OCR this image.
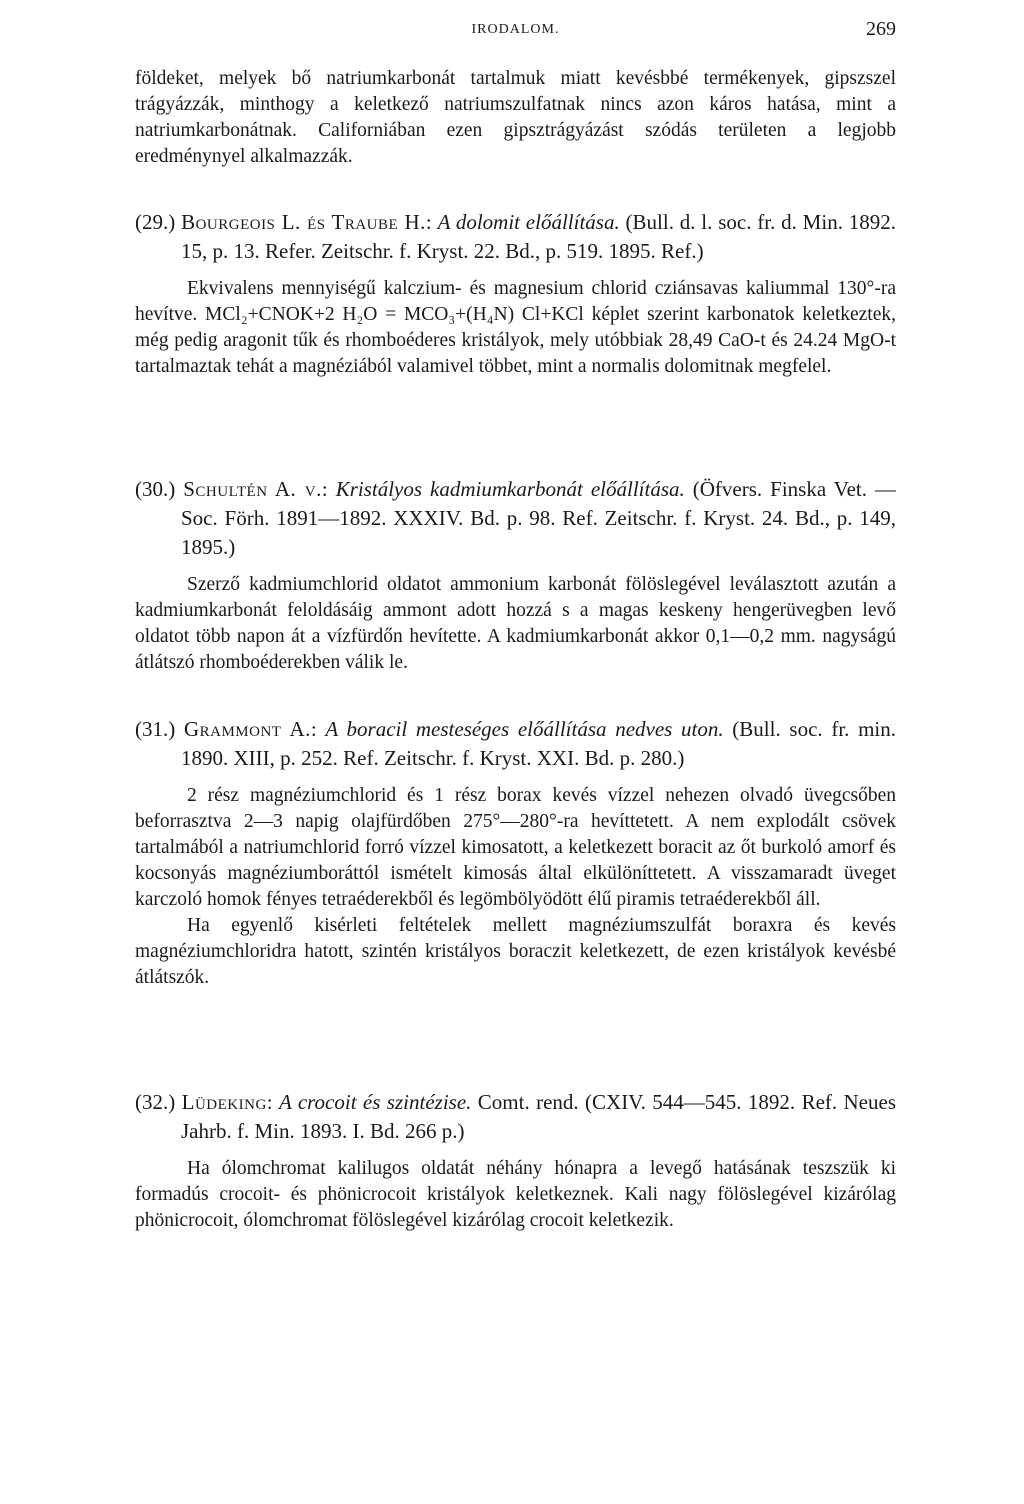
IRODALOM.	269

földeket, melyek bő natriumkarbonát tartalmuk miatt kevésbbé termékenyek, gipszszel trágyázzák, minthogy a keletkező natriumszulfatnak nincs azon káros hatása, mint a natriumkarbonátnak. Californiában ezen gipsztrágyázást szódás területen a legjobb eredménynyel alkalmazzák.

(29.) Bourgeois L. és Traube H.: A dolomit előállítása. (Bull. d. l. soc. fr. d. Min. 1892. 15, p. 13. Refer. Zeitschr. f. Kryst. 22. Bd., p. 519. 1895. Ref.)

Ekvivalens mennyiségű kalczium- és magnesium chlorid cziánsavas kaliummal 130°-ra hevítve. MCl₂+CNOK+2 H₂O = MCO₃+(H₄N) Cl+KCl képlet szerint karbonatok keletkeztek, még pedig aragonit tűk és rhomboéderes kristályok, mely utóbbiak 28,49 CaO-t és 24.24 MgO-t tartalmaztak tehát a magnéziából valamivel többet, mint a normalis dolomitnak megfelel.

(30.) Schultén A. v.: Kristályos kadmiumkarbonát előállítása. (Öfvers. Finska Vet. — Soc. Förh. 1891—1892. XXXIV. Bd. p. 98. Ref. Zeitschr. f. Kryst. 24. Bd., p. 149, 1895.)

Szerző kadmiumchlorid oldatot ammonium karbonát fölöslegével leválasztott azután a kadmiumkarbonát feloldásáig ammont adott hozzá s a magas keskeny hengerüvegben levő oldatot több napon át a vízfürdőn hevítette. A kadmiumkarbonát akkor 0,1—0,2 mm. nagyságú átlátszó rhomboéderekben válik le.

(31.) Grammont A.: A boracil mesteséges előállítása nedves uton. (Bull. soc. fr. min. 1890. XIII, p. 252. Ref. Zeitschr. f. Kryst. XXI. Bd. p. 280.)

2 rész magnéziumchlorid és 1 rész borax kevés vízzel nehezen olvadó üvegcsőben beforrasztva 2—3 napig olajfürdőben 275°—280°-ra hevíttetett. A nem explodált csövek tartalmából a natriumchlorid forró vízzel kimosatott, a keletkezett boracit az őt burkoló amorf és kocsonyás magnéziumboráttól ismételt kimosás által elkülöníttetett. A visszamaradt üveget karczoló homok fényes tetraéderekből és legömbölyödött élű piramis tetraéderekből áll.

Ha egyenlő kisérleti feltételek mellett magnéziumszulfát boraxra és kevés magnéziumchloridra hatott, szintén kristályos boraczit keletkezett, de ezen kristályok kevésbé átlátszók.

(32.) Lüdeking: A crocoit és szintézise. Comt. rend. (CXIV. 544—545. 1892. Ref. Neues Jahrb. f. Min. 1893. I. Bd. 266 p.)

Ha ólomchromat kalilugos oldatát néhány hónapra a levegő hatásának teszszük ki formadús crocoit- és phönicrocoit kristályok keletkeznek. Kali nagy fölöslegével kizárólag phönicrocoit, ólomchromat fölöslegével kizárólag crocoit keletkezik.
